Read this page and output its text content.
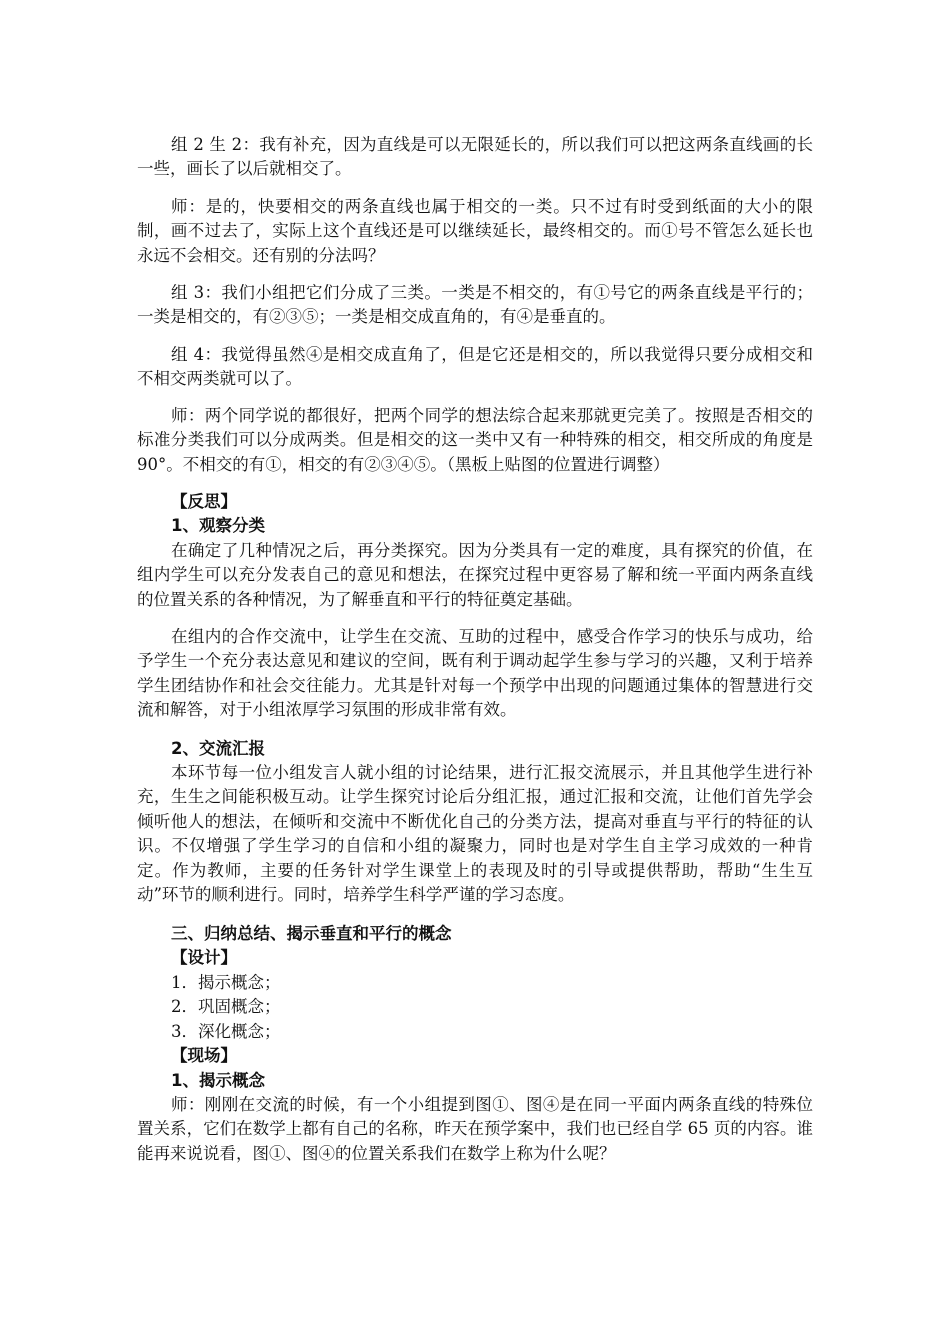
组 2 生 2：我有补充，因为直线是可以无限延长的，所以我们可以把这两条直线画的长一些，画长了以后就相交了。

师：是的，快要相交的两条直线也属于相交的一类。只不过有时受到纸面的大小的限制，画不过去了，实际上这个直线还是可以继续延长，最终相交的。而①号不管怎么延长也永远不会相交。还有别的分法吗？

组 3：我们小组把它们分成了三类。一类是不相交的，有①号它的两条直线是平行的；一类是相交的，有②③⑤；一类是相交成直角的，有④是垂直的。

组 4：我觉得虽然④是相交成直角了，但是它还是相交的，所以我觉得只要分成相交和不相交两类就可以了。

师：两个同学说的都很好，把两个同学的想法综合起来那就更完美了。按照是否相交的标准分类我们可以分成两类。但是相交的这一类中又有一种特殊的相交，相交所成的角度是 90°。不相交的有①，相交的有②③④⑤。（黑板上贴图的位置进行调整）

【反思】

1、观察分类

在确定了几种情况之后，再分类探究。因为分类具有一定的难度，具有探究的价值，在组内学生可以充分发表自己的意见和想法，在探究过程中更容易了解和统一平面内两条直线的位置关系的各种情况，为了解垂直和平行的特征奠定基础。

在组内的合作交流中，让学生在交流、互助的过程中，感受合作学习的快乐与成功，给予学生一个充分表达意见和建议的空间，既有利于调动起学生参与学习的兴趣，又利于培养学生团结协作和社会交往能力。尤其是针对每一个预学中出现的问题通过集体的智慧进行交流和解答，对于小组浓厚学习氛围的形成非常有效。

2、交流汇报

本环节每一位小组发言人就小组的讨论结果，进行汇报交流展示，并且其他学生进行补充，生生之间能积极互动。让学生探究讨论后分组汇报，通过汇报和交流，让他们首先学会倾听他人的想法，在倾听和交流中不断优化自己的分类方法，提高对垂直与平行的特征的认识。不仅增强了学生学习的自信和小组的凝聚力，同时也是对学生自主学习成效的一种肯定。作为教师，主要的任务针对学生课堂上的表现及时的引导或提供帮助，帮助“生生互动”环节的顺利进行。同时，培养学生科学严谨的学习态度。

三、归纳总结、揭示垂直和平行的概念

【设计】

1．揭示概念；

2．巩固概念；

3．深化概念；

【现场】

1、揭示概念

师：刚刚在交流的时候，有一个小组提到图①、图④是在同一平面内两条直线的特殊位置关系，它们在数学上都有自己的名称，昨天在预学案中，我们也已经自学 65 页的内容。谁能再来说说看，图①、图④的位置关系我们在数学上称为什么呢？
